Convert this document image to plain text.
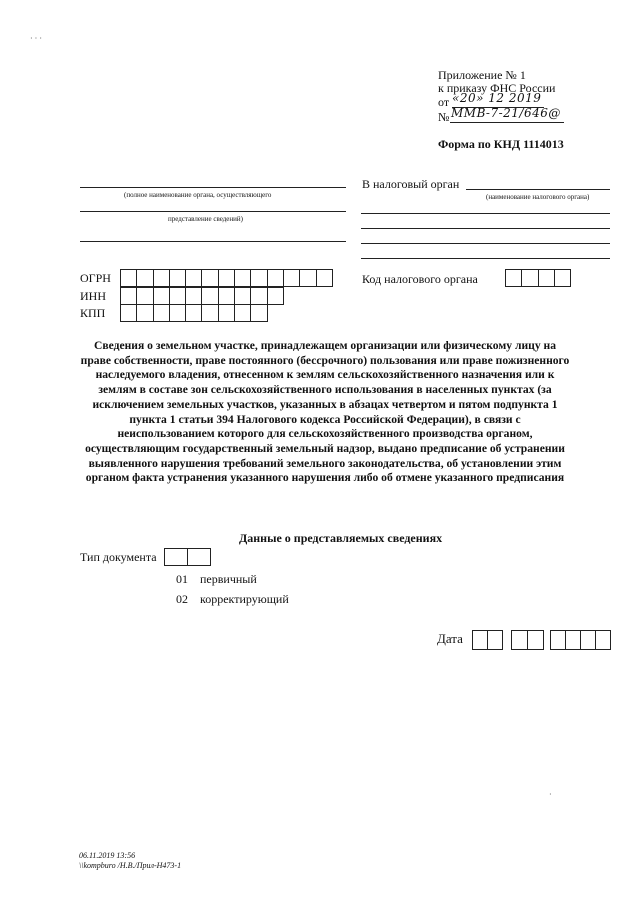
· · ·
·
Приложение № 1
к приказу ФНС России
от «20» 12 2019
№ ММВ-7-21/646@
Форма по КНД 1114013
(полное наименование органа, осуществляющего
представление сведений)
В налоговый орган
(наименование налогового органа)
ОГРН
ИНН
КПП
Код налогового органа
Сведения о земельном участке, принадлежащем организации или физическому лицу на праве собственности, праве постоянного (бессрочного) пользования или праве пожизненного наследуемого владения, отнесенном к землям сельскохозяйственного назначения или к землям в составе зон сельскохозяйственного использования в населенных пунктах (за исключением земельных участков, указанных в абзацах четвертом и пятом подпункта 1 пункта 1 статьи 394 Налогового кодекса Российской Федерации), в связи с неиспользованием которого для сельскохозяйственного производства органом, осуществляющим государственный земельный надзор, выдано предписание об устранении выявленного нарушения требований земельного законодательства, об установлении этим органом факта устранения указанного нарушения либо об отмене указанного предписания
Данные о представляемых сведениях
Тип документа
01 первичный
02 корректирующий
Дата
06.11.2019 13:56
\\kompburo /Н.В./Прил-Н473-1
